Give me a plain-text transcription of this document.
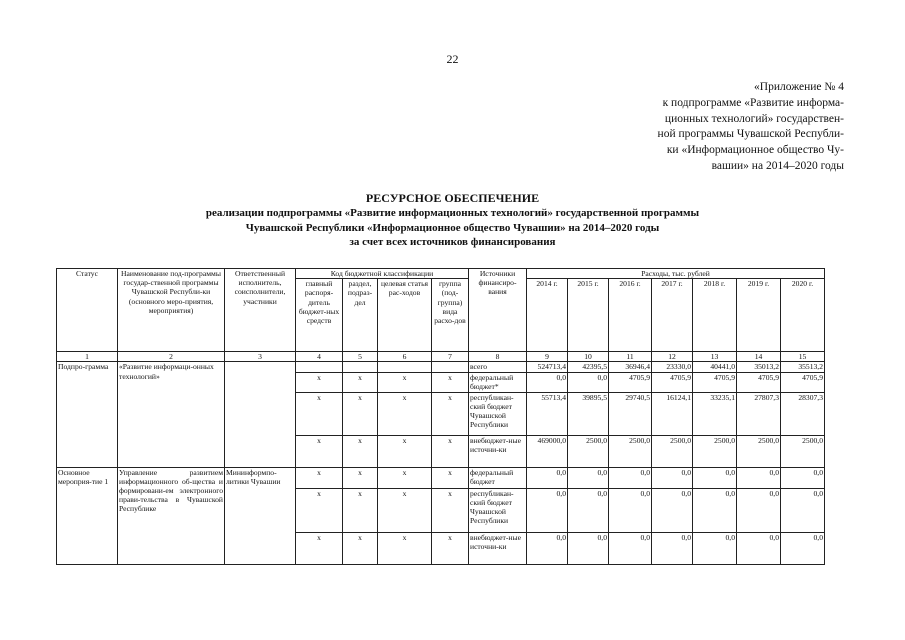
22
«Приложение № 4
к подпрограмме «Развитие информа-
ционных технологий» государствен-
ной программы Чувашской Республи-
ки «Информационное общество Чу-
вашии» на 2014–2020 годы
РЕСУРСНОЕ ОБЕСПЕЧЕНИЕ
реализации подпрограммы «Развитие информационных технологий» государственной программы
Чувашской Республики «Информационное общество Чувашии» на 2014–2020 годы
за счет всех источников финансирования
Статус	Наименование под-программы государ-ственной программы Чувашской Республи-ки (основного меро-приятия, мероприятия)	Ответственный исполнитель, соисполнители, участники	Код бюджетной классификации				Источники финансиро-вания	Расходы, тыс. рублей						
			главный распоря-дитель бюджет-ных средств	раздел, подраз-дел	целевая статья рас-ходов	группа (под-группа) вида расхо-дов		2014 г.	2015 г.	2016 г.	2017 г.	2018 г.	2019 г.	2020 г.
1	2	3	4	5	6	7	8	9	10	11	12	13	14	15
Подпро-грамма	«Развитие информаци-онных технологий»						всего	524713,4	42395,5	36946,4	23330,0	40441,0	35013,2	35513,2
			х	х	х	х	федеральный бюджет*	0,0	0,0	4705,9	4705,9	4705,9	4705,9	4705,9
			х	х	х	х	республикан-ский бюджет Чувашской Республики	55713,4	39895,5	29740,5	16124,1	33235,1	27807,3	28307,3
			х	х	х	х	внебюджет-ные источни-ки	469000,0	2500,0	2500,0	2500,0	2500,0	2500,0	2500,0
Основное мероприя-тие 1	Управление развитием информационного об-щества и формировани-ем электронного прави-тельства в Чувашской Республике	Мининформпо-литики Чувашии	х	х	х	х	федеральный бюджет	0,0	0,0	0,0	0,0	0,0	0,0	0,0
			х	х	х	х	республикан-ский бюджет Чувашской Республики	0,0	0,0	0,0	0,0	0,0	0,0	0,0
			х	х	х	х	внебюджет-ные источни-ки	0,0	0,0	0,0	0,0	0,0	0,0	0,0
